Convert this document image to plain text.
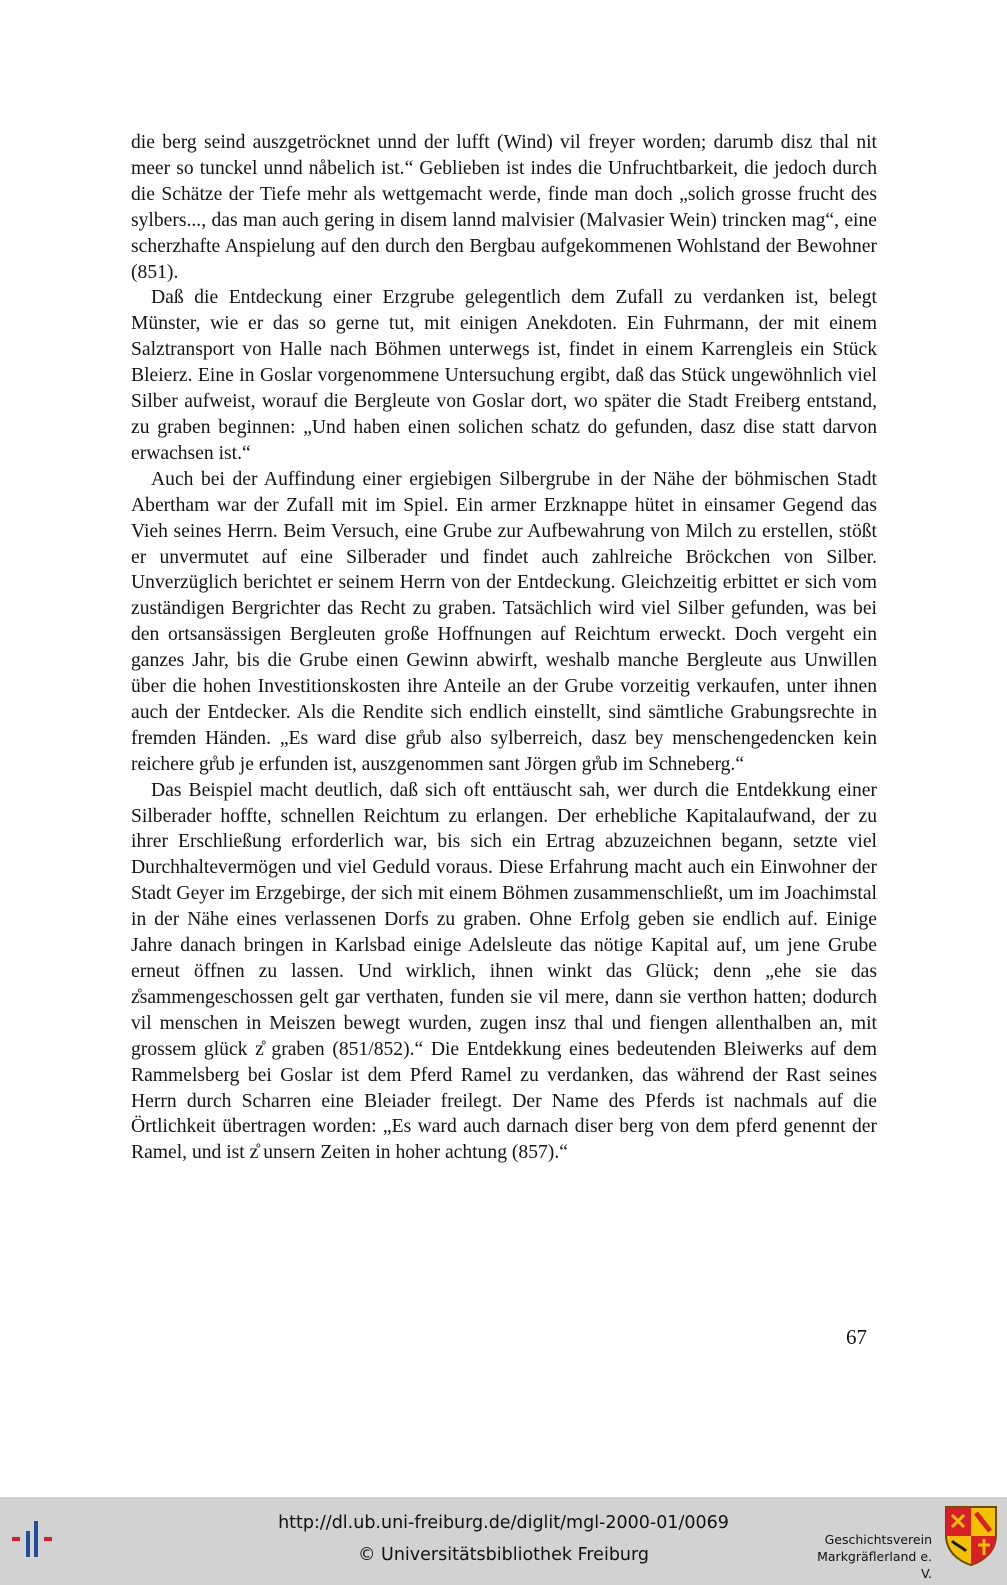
die berg seind auszgetröcknet unnd der lufft (Wind) vil freyer worden; darumb disz thal nit meer so tunckel unnd nåbelich ist.“ Geblieben ist indes die Unfruchtbarkeit, die jedoch durch die Schätze der Tiefe mehr als wettgemacht werde, finde man doch „solich grosse frucht des sylbers..., das man auch gering in disem lannd malvisier (Malvasier Wein) trincken mag“, eine scherzhafte Anspielung auf den durch den Bergbau aufgekommenen Wohlstand der Bewohner (851).

Daß die Entdeckung einer Erzgrube gelegentlich dem Zufall zu verdanken ist, belegt Münster, wie er das so gerne tut, mit einigen Anekdoten. Ein Fuhrmann, der mit einem Salztransport von Halle nach Böhmen unterwegs ist, findet in einem Karrengleis ein Stück Bleierz. Eine in Goslar vorgenommene Untersuchung ergibt, daß das Stück ungewöhnlich viel Silber aufweist, worauf die Bergleute von Goslar dort, wo später die Stadt Freiberg entstand, zu graben beginnen: „Und haben einen solichen schatz do gefunden, dasz dise statt darvon erwachsen ist.“

Auch bei der Auffindung einer ergiebigen Silbergrube in der Nähe der böhmischen Stadt Abertham war der Zufall mit im Spiel. Ein armer Erzknappe hütet in einsamer Gegend das Vieh seines Herrn. Beim Versuch, eine Grube zur Aufbewahrung von Milch zu erstellen, stößt er unvermutet auf eine Silberader und findet auch zahlreiche Bröckchen von Silber. Unverzüglich berichtet er seinem Herrn von der Entdeckung. Gleichzeitig erbittet er sich vom zuständigen Bergrichter das Recht zu graben. Tatsächlich wird viel Silber gefunden, was bei den ortsansässigen Bergleuten große Hoffnungen auf Reichtum erweckt. Doch vergeht ein ganzes Jahr, bis die Grube einen Gewinn abwirft, weshalb manche Bergleute aus Unwillen über die hohen Investitionskosten ihre Anteile an der Grube vorzeitig verkaufen, unter ihnen auch der Entdecker. Als die Rendite sich endlich einstellt, sind sämtliche Grabungsrechte in fremden Händen. „Es ward dise gr̊ub also sylberreich, dasz bey menschengedencken kein reichere gr̊ub je erfunden ist, auszgenommen sant Jörgen gr̊ub im Schneberg.“

Das Beispiel macht deutlich, daß sich oft enttäuscht sah, wer durch die Entdekkung einer Silberader hoffte, schnellen Reichtum zu erlangen. Der erhebliche Kapitalaufwand, der zu ihrer Erschließung erforderlich war, bis sich ein Ertrag abzuzeichnen begann, setzte viel Durchhaltevermögen und viel Geduld voraus. Diese Erfahrung macht auch ein Einwohner der Stadt Geyer im Erzgebirge, der sich mit einem Böhmen zusammenschließt, um im Joachimstal in der Nähe eines verlassenen Dorfs zu graben. Ohne Erfolg geben sie endlich auf. Einige Jahre danach bringen in Karlsbad einige Adelsleute das nötige Kapital auf, um jene Grube erneut öffnen zu lassen. Und wirklich, ihnen winkt das Glück; denn „ehe sie das z̊sammengeschossen gelt gar verthaten, funden sie vil mere, dann sie verthon hatten; dodurch vil menschen in Meiszen bewegt wurden, zugen insz thal und fiengen allenthalben an, mit grossem glück z̊ graben (851/852).“ Die Entdekkung eines bedeutenden Bleiwerks auf dem Rammelsberg bei Goslar ist dem Pferd Ramel zu verdanken, das während der Rast seines Herrn durch Scharren eine Bleiader freilegt. Der Name des Pferds ist nachmals auf die Örtlichkeit übertragen worden: „Es ward auch darnach diser berg von dem pferd genennt der Ramel, und ist z̊ unsern Zeiten in hoher achtung (857).“

67
http://dl.ub.uni-freiburg.de/diglit/mgl-2000-01/0069
© Universitätsbibliothek Freiburg
Geschichtsverein
Markgräflerland e. V.
